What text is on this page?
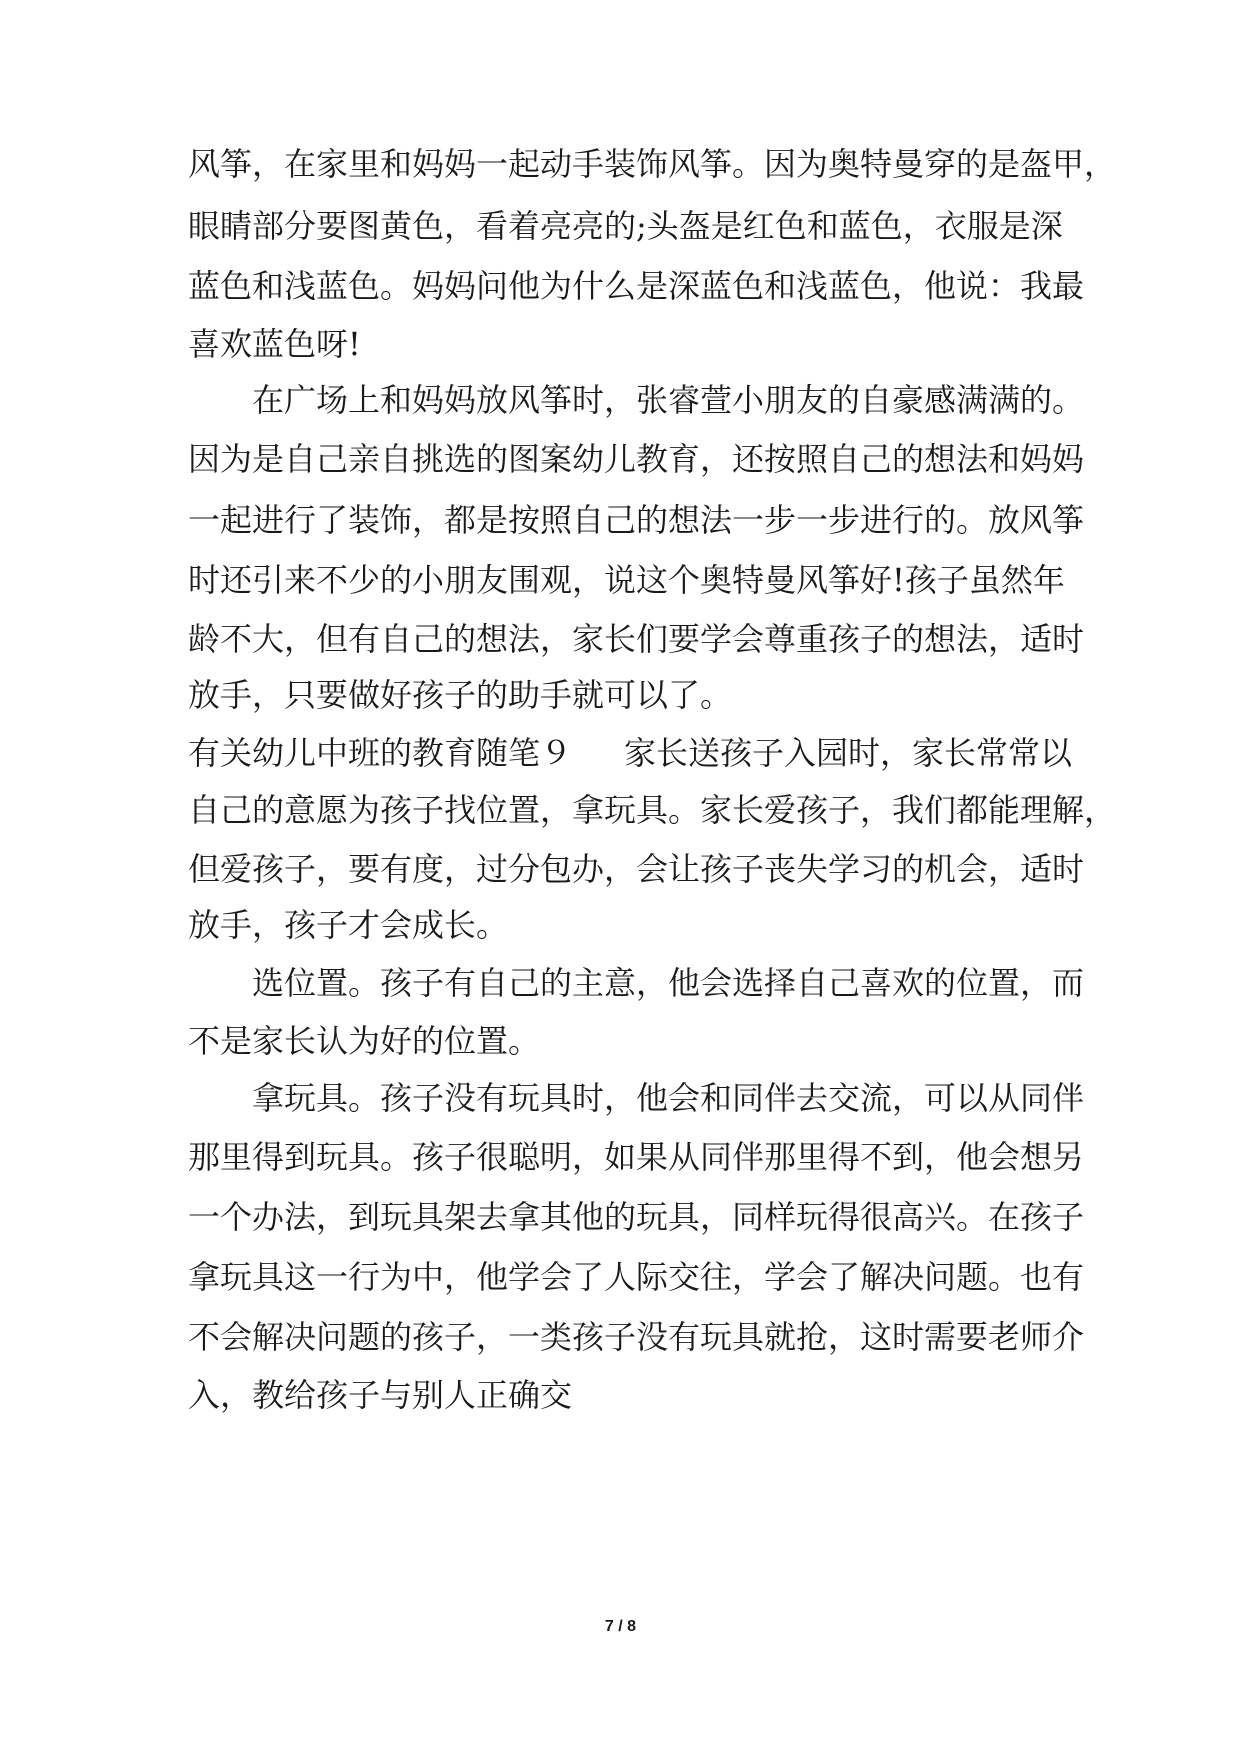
风筝，在家里和妈妈一起动手装饰风筝。因为奥特曼穿的是盔甲，
眼睛部分要图黄色，看着亮亮的;头盔是红色和蓝色，衣服是深
蓝色和浅蓝色。妈妈问他为什么是深蓝色和浅蓝色，他说：我最
喜欢蓝色呀!
在广场上和妈妈放风筝时，张睿萱小朋友的自豪感满满的。
因为是自己亲自挑选的图案幼儿教育，还按照自己的想法和妈妈
一起进行了装饰，都是按照自己的想法一步一步进行的。放风筝
时还引来不少的小朋友围观，说这个奥特曼风筝好!孩子虽然年
龄不大，但有自己的想法，家长们要学会尊重孩子的想法，适时
放手，只要做好孩子的助手就可以了。
有关幼儿中班的教育随笔９ 家长送孩子入园时，家长常常以
自己的意愿为孩子找位置，拿玩具。家长爱孩子，我们都能理解，
但爱孩子，要有度，过分包办，会让孩子丧失学习的机会，适时
放手，孩子才会成长。
选位置。孩子有自己的主意，他会选择自己喜欢的位置，而
不是家长认为好的位置。
拿玩具。孩子没有玩具时，他会和同伴去交流，可以从同伴
那里得到玩具。孩子很聪明，如果从同伴那里得不到，他会想另
一个办法，到玩具架去拿其他的玩具，同样玩得很高兴。在孩子
拿玩具这一行为中，他学会了人际交往，学会了解决问题。也有
不会解决问题的孩子，一类孩子没有玩具就抢，这时需要老师介
入，教给孩子与别人正确交
7 / 8
